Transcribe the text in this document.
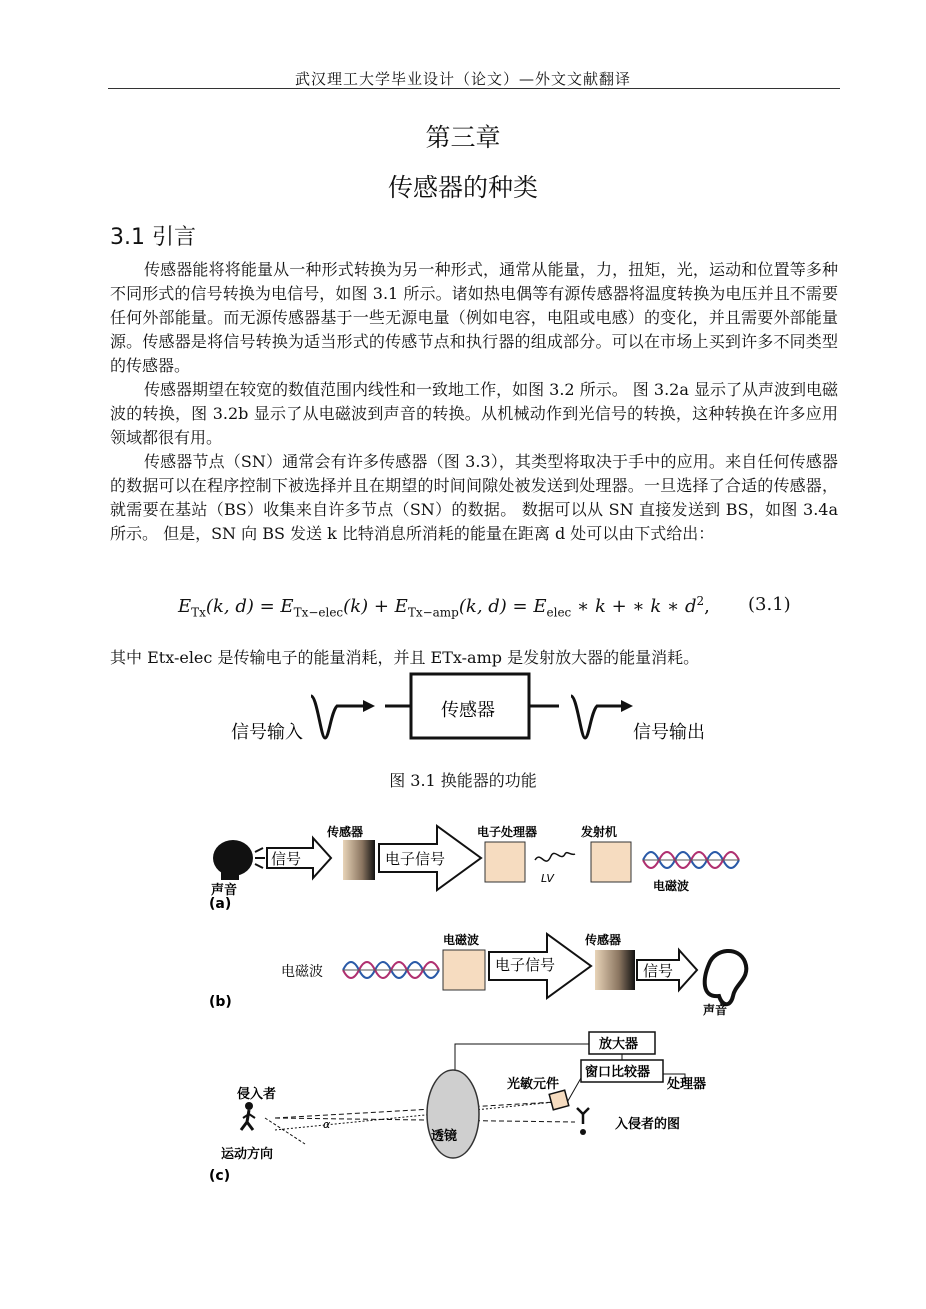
武汉理工大学毕业设计（论文）—外文文献翻译
第三章
传感器的种类
3.1 引言

传感器能将将能量从一种形式转换为另一种形式，通常从能量，力，扭矩，光，运动和位置等多种不同形式的信号转换为电信号，如图 3.1 所示。诸如热电偶等有源传感器将温度转换为电压并且不需要任何外部能量。而无源传感器基于一些无源电量（例如电容，电阻或电感）的变化，并且需要外部能量源。传感器是将信号转换为适当形式的传感节点和执行器的组成部分。可以在市场上买到许多不同类型的传感器。

传感器期望在较宽的数值范围内线性和一致地工作，如图 3.2 所示。 图 3.2a 显示了从声波到电磁波的转换，图 3.2b 显示了从电磁波到声音的转换。从机械动作到光信号的转换，这种转换在许多应用领域都很有用。

传感器节点（SN）通常会有许多传感器（图 3.3），其类型将取决于手中的应用。来自任何传感器的数据可以在程序控制下被选择并且在期望的时间间隙处被发送到处理器。一旦选择了合适的传感器，就需要在基站（BS）收集来自许多节点（SN）的数据。 数据可以从 SN 直接发送到 BS，如图 3.4a 所示。 但是，SN 向 BS 发送 k 比特消息所消耗的能量在距离 d 处可以由下式给出：

$E_{Tx}(k$, $d) = E_{Tx-elec}(k) + E_{Tx-amp}(k$, $d) = E_{elec}$ ∗ k + ∗ k ∗ $d^2$, (3.1)
其中 Etx-elec 是传输电子的能量消耗，并且 ETx-amp 是发射放大器的能量消耗。
信号输入
传感器
信号输出
图 3.1 换能器的功能
声音
(a)
信号
传感器
电子信号
电子处理器
LV
发射机
电磁波
(b)
电磁波
电磁波
电子信号
传感器
信号
声音
放大器
窗口比较器
处理器
侵入者
运动方向
(c)
α
透镜
光敏元件
入侵者的图
